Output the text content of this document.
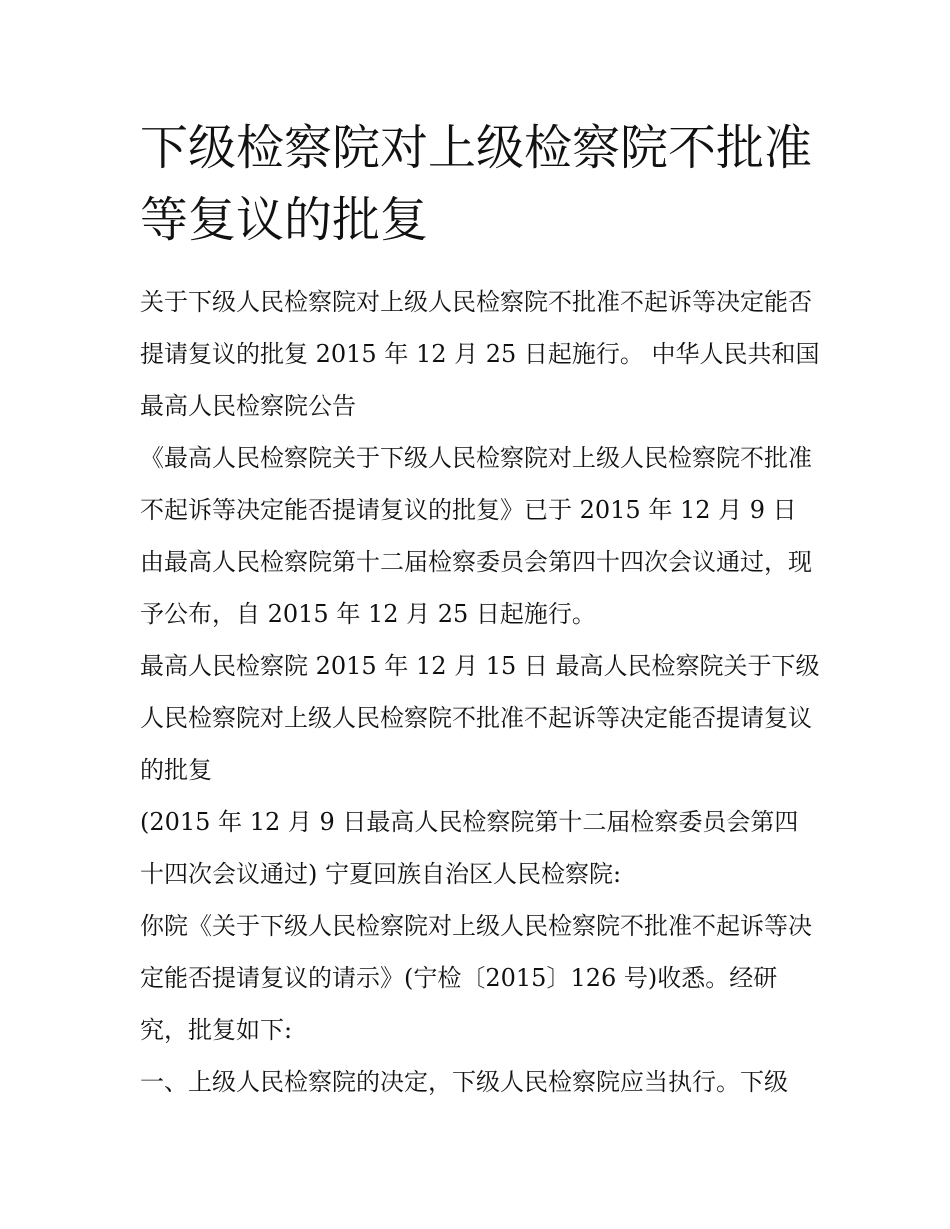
下级检察院对上级检察院不批准等复议的批复

关于下级人民检察院对上级人民检察院不批准不起诉等决定能否提请复议的批复 2015 年 12 月 25 日起施行。 中华人民共和国最高人民检察院公告

《最高人民检察院关于下级人民检察院对上级人民检察院不批准不起诉等决定能否提请复议的批复》已于 2015 年 12 月 9 日由最高人民检察院第十二届检察委员会第四十四次会议通过，现予公布，自 2015 年 12 月 25 日起施行。

最高人民检察院 2015 年 12 月 15 日 最高人民检察院关于下级人民检察院对上级人民检察院不批准不起诉等决定能否提请复议的批复

(2015 年 12 月 9 日最高人民检察院第十二届检察委员会第四十四次会议通过) 宁夏回族自治区人民检察院:

你院《关于下级人民检察院对上级人民检察院不批准不起诉等决定能否提请复议的请示》(宁检〔2015〕126 号)收悉。经研究，批复如下:

一、上级人民检察院的决定，下级人民检察院应当执行。下级
